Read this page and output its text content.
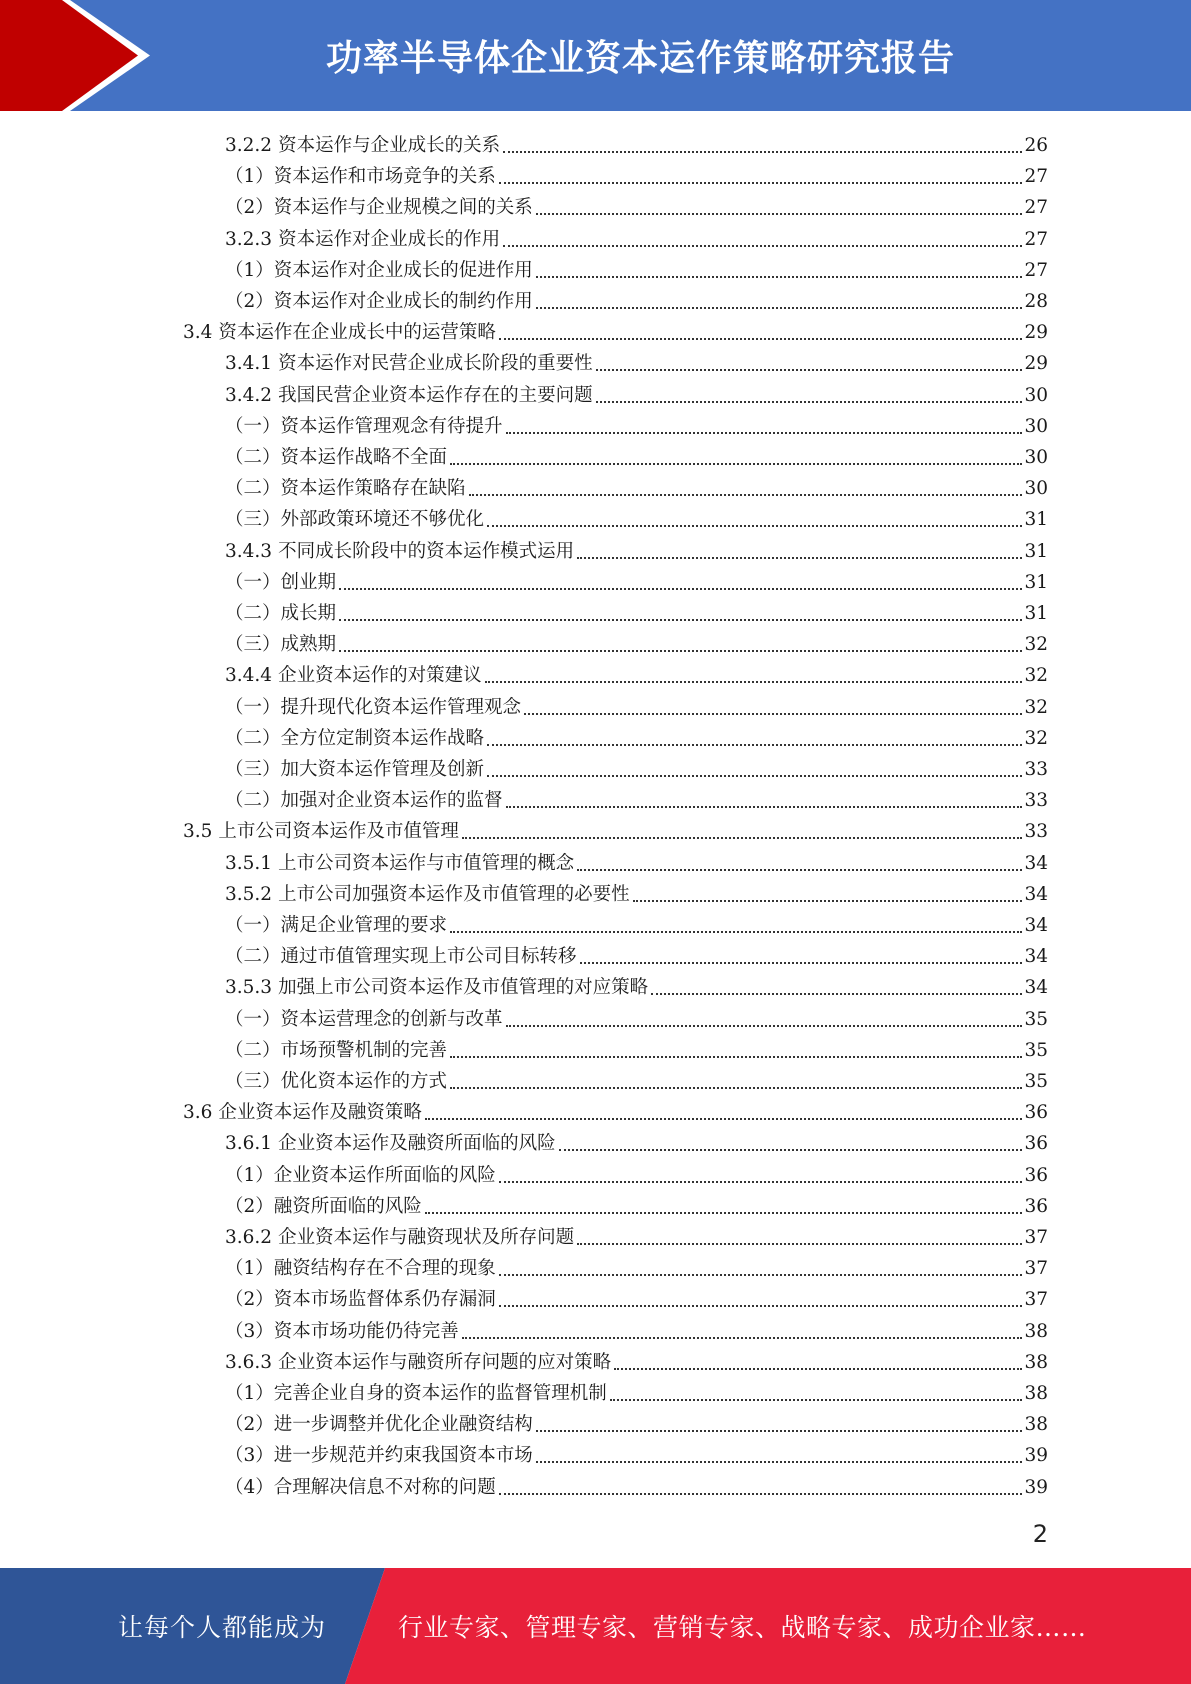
功率半导体企业资本运作策略研究报告
3.2.2 资本运作与企业成长的关系	26
（1）资本运作和市场竞争的关系	27
（2）资本运作与企业规模之间的关系	27
3.2.3 资本运作对企业成长的作用	27
（1）资本运作对企业成长的促进作用	27
（2）资本运作对企业成长的制约作用	28
3.4 资本运作在企业成长中的运营策略	29
3.4.1 资本运作对民营企业成长阶段的重要性	29
3.4.2 我国民营企业资本运作存在的主要问题	30
（一）资本运作管理观念有待提升	30
（二）资本运作战略不全面	30
（二）资本运作策略存在缺陷	30
（三）外部政策环境还不够优化	31
3.4.3 不同成长阶段中的资本运作模式运用	31
（一）创业期	31
（二）成长期	31
（三）成熟期	32
3.4.4 企业资本运作的对策建议	32
（一）提升现代化资本运作管理观念	32
（二）全方位定制资本运作战略	32
（三）加大资本运作管理及创新	33
（二）加强对企业资本运作的监督	33
3.5 上市公司资本运作及市值管理	33
3.5.1 上市公司资本运作与市值管理的概念	34
3.5.2 上市公司加强资本运作及市值管理的必要性	34
（一）满足企业管理的要求	34
（二）通过市值管理实现上市公司目标转移	34
3.5.3 加强上市公司资本运作及市值管理的对应策略	34
（一）资本运营理念的创新与改革	35
（二）市场预警机制的完善	35
（三）优化资本运作的方式	35
3.6 企业资本运作及融资策略	36
3.6.1 企业资本运作及融资所面临的风险	36
（1）企业资本运作所面临的风险	36
（2）融资所面临的风险	36
3.6.2 企业资本运作与融资现状及所存问题	37
（1）融资结构存在不合理的现象	37
（2）资本市场监督体系仍存漏洞	37
（3）资本市场功能仍待完善	38
3.6.3 企业资本运作与融资所存问题的应对策略	38
（1）完善企业自身的资本运作的监督管理机制	38
（2）进一步调整并优化企业融资结构	38
（3）进一步规范并约束我国资本市场	39
（4）合理解决信息不对称的问题	39
2
让每个人都能成为	行业专家、管理专家、营销专家、战略专家、成功企业家……
